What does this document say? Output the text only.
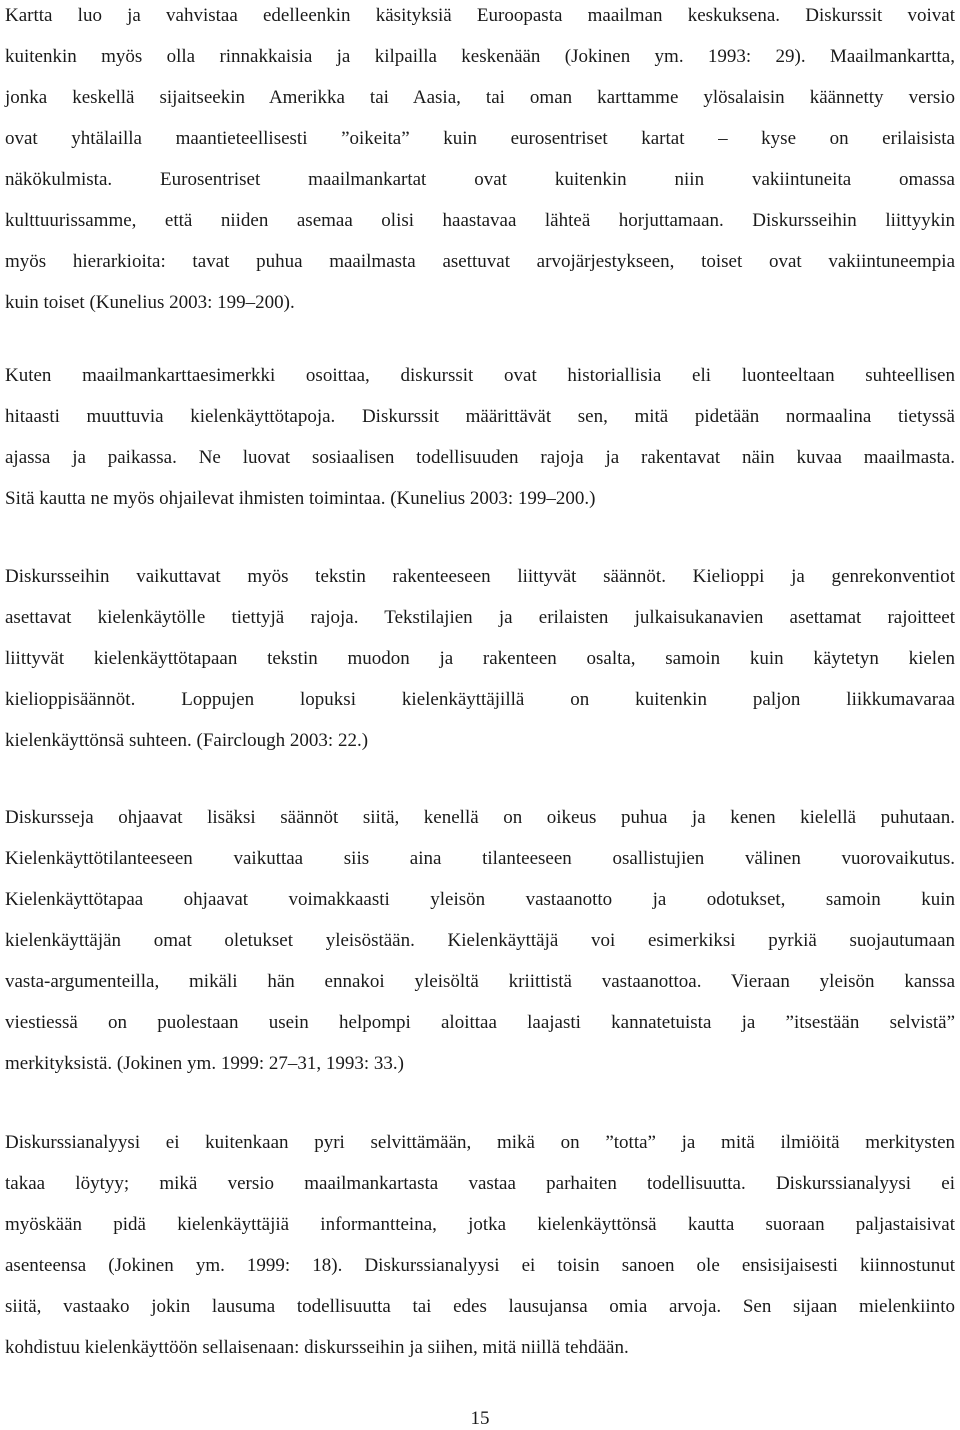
Kartta luo ja vahvistaa edelleenkin käsityksiä Euroopasta maailman keskuksena. Diskurssit voivat
kuitenkin myös olla rinnakkaisia ja kilpailla keskenään (Jokinen ym. 1993: 29). Maailmankartta,
jonka keskellä sijaitseekin Amerikka tai Aasia, tai oman karttamme ylösalaisin käännetty versio
ovat yhtälailla maantieteellisesti ”oikeita” kuin eurosentriset kartat – kyse on erilaisista
näkökulmista. Eurosentriset maailmankartat ovat kuitenkin niin vakiintuneita omassa
kulttuurissamme, että niiden asemaa olisi haastavaa lähteä horjuttamaan. Diskursseihin liittyykin
myös hierarkioita: tavat puhua maailmasta asettuvat arvojärjestykseen, toiset ovat vakiintuneempia
kuin toiset (Kunelius 2003: 199–200).

Kuten maailmankarttaesimerkki osoittaa, diskurssit ovat historiallisia eli luonteeltaan suhteellisen
hitaasti muuttuvia kielenkäyttötapoja. Diskurssit määrittävät sen, mitä pidetään normaalina tietyssä
ajassa ja paikassa. Ne luovat sosiaalisen todellisuuden rajoja ja rakentavat näin kuvaa maailmasta.
Sitä kautta ne myös ohjailevat ihmisten toimintaa. (Kunelius 2003: 199–200.)

Diskursseihin vaikuttavat myös tekstin rakenteeseen liittyvät säännöt. Kielioppi ja genrekonventiot
asettavat kielenkäytölle tiettyjä rajoja. Tekstilajien ja erilaisten julkaisukanavien asettamat rajoitteet
liittyvät kielenkäyttötapaan tekstin muodon ja rakenteen osalta, samoin kuin käytetyn kielen
kielioppisäännöt. Loppujen lopuksi kielenkäyttäjillä on kuitenkin paljon liikkumavaraa
kielenkäyttönsä suhteen. (Fairclough 2003: 22.)

Diskursseja ohjaavat lisäksi säännöt siitä, kenellä on oikeus puhua ja kenen kielellä puhutaan.
Kielenkäyttötilanteeseen vaikuttaa siis aina tilanteeseen osallistujien välinen vuorovaikutus.
Kielenkäyttötapaa ohjaavat voimakkaasti yleisön vastaanotto ja odotukset, samoin kuin
kielenkäyttäjän omat oletukset yleisöstään. Kielenkäyttäjä voi esimerkiksi pyrkiä suojautumaan
vasta-argumenteilla, mikäli hän ennakoi yleisöltä kriittistä vastaanottoa. Vieraan yleisön kanssa
viestiessä on puolestaan usein helpompi aloittaa laajasti kannatetuista ja ”itsestään selvistä”
merkityksistä. (Jokinen ym. 1999: 27–31, 1993: 33.)

Diskurssianalyysi ei kuitenkaan pyri selvittämään, mikä on ”totta” ja mitä ilmiöitä merkitysten
takaa löytyy; mikä versio maailmankartasta vastaa parhaiten todellisuutta. Diskurssianalyysi ei
myöskään pidä kielenkäyttäjiä informantteina, jotka kielenkäyttönsä kautta suoraan paljastaisivat
asenteensa (Jokinen ym. 1999: 18). Diskurssianalyysi ei toisin sanoen ole ensisijaisesti kiinnostunut
siitä, vastaako jokin lausuma todellisuutta tai edes lausujansa omia arvoja. Sen sijaan mielenkiinto
kohdistuu kielenkäyttöön sellaisenaan: diskursseihin ja siihen, mitä niillä tehdään.

15
